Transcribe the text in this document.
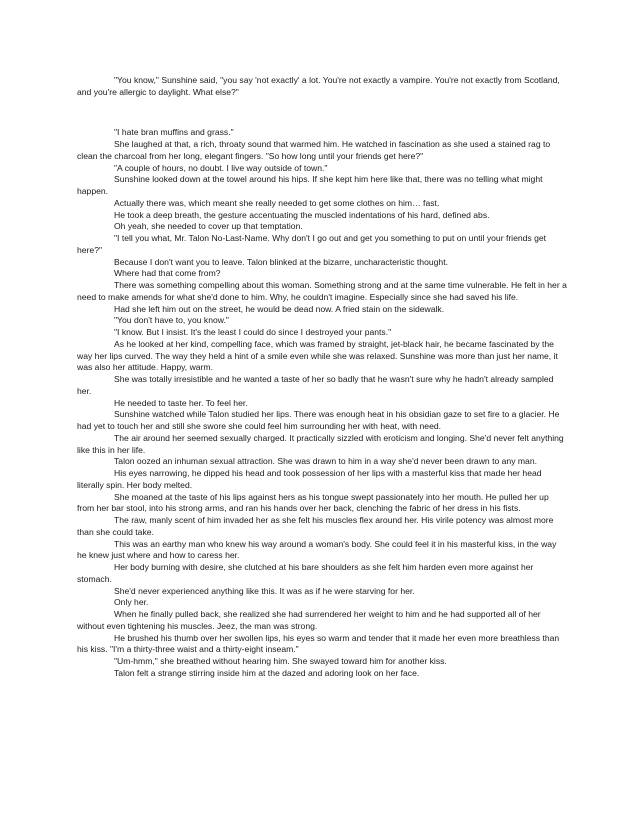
"You know," Sunshine said, "you say 'not exactly' a lot. You're not exactly a vampire. You're not exactly from Scotland, and you're allergic to daylight. What else?"

"I hate bran muffins and grass."

She laughed at that, a rich, throaty sound that warmed him. He watched in fascination as she used a stained rag to clean the charcoal from her long, elegant fingers. "So how long until your friends get here?"

"A couple of hours, no doubt. I live way outside of town."

Sunshine looked down at the towel around his hips. If she kept him here like that, there was no telling what might happen.

Actually there was, which meant she really needed to get some clothes on him… fast.

He took a deep breath, the gesture accentuating the muscled indentations of his hard, defined abs.

Oh yeah, she needed to cover up that temptation.

"I tell you what, Mr. Talon No-Last-Name. Why don't I go out and get you something to put on until your friends get here?"

Because I don't want you to leave. Talon blinked at the bizarre, uncharacteristic thought.

Where had that come from?

There was something compelling about this woman. Something strong and at the same time vulnerable. He felt in her a need to make amends for what she'd done to him. Why, he couldn't imagine. Especially since she had saved his life.

Had she left him out on the street, he would be dead now. A fried stain on the sidewalk.

"You don't have to, you know."

"I know. But I insist. It's the least I could do since I destroyed your pants."

As he looked at her kind, compelling face, which was framed by straight, jet-black hair, he became fascinated by the way her lips curved. The way they held a hint of a smile even while she was relaxed. Sunshine was more than just her name, it was also her attitude. Happy, warm.

She was totally irresistible and he wanted a taste of her so badly that he wasn't sure why he hadn't already sampled her.

He needed to taste her. To feel her.

Sunshine watched while Talon studied her lips. There was enough heat in his obsidian gaze to set fire to a glacier. He had yet to touch her and still she swore she could feel him surrounding her with heat, with need.

The air around her seemed sexually charged. It practically sizzled with eroticism and longing. She'd never felt anything like this in her life.

Talon oozed an inhuman sexual attraction. She was drawn to him in a way she'd never been drawn to any man.

His eyes narrowing, he dipped his head and took possession of her lips with a masterful kiss that made her head literally spin. Her body melted.

She moaned at the taste of his lips against hers as his tongue swept passionately into her mouth. He pulled her up from her bar stool, into his strong arms, and ran his hands over her back, clenching the fabric of her dress in his fists.

The raw, manly scent of him invaded her as she felt his muscles flex around her. His virile potency was almost more than she could take.

This was an earthy man who knew his way around a woman's body. She could feel it in his masterful kiss, in the way he knew just where and how to caress her.

Her body burning with desire, she clutched at his bare shoulders as she felt him harden even more against her stomach.

She'd never experienced anything like this. It was as if he were starving for her.

Only her.

When he finally pulled back, she realized she had surrendered her weight to him and he had supported all of her without even tightening his muscles. Jeez, the man was strong.

He brushed his thumb over her swollen lips, his eyes so warm and tender that it made her even more breathless than his kiss. "I'm a thirty-three waist and a thirty-eight inseam."

"Um-hmm," she breathed without hearing him. She swayed toward him for another kiss.

Talon felt a strange stirring inside him at the dazed and adoring look on her face.
